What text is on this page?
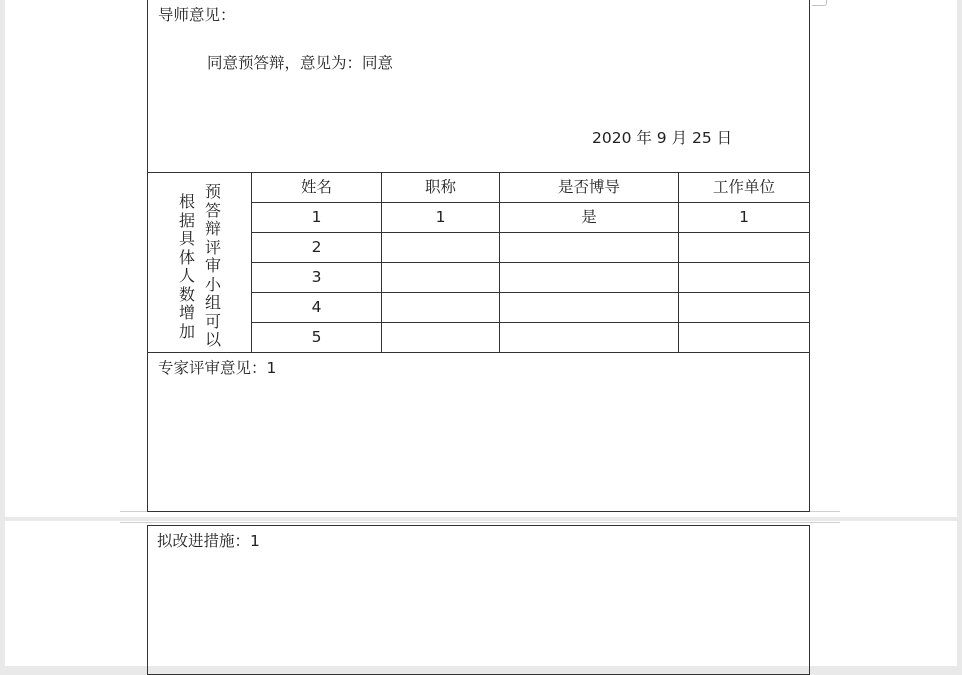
导师意见：
同意预答辩，意见为：同意
2020 年 9 月 25 日
根据具体人数增加
预答辩评审小组可以
姓名	职称	是否博导	工作单位
1	1	是	1
2
3
4
5
专家评审意见：1
拟改进措施：1
